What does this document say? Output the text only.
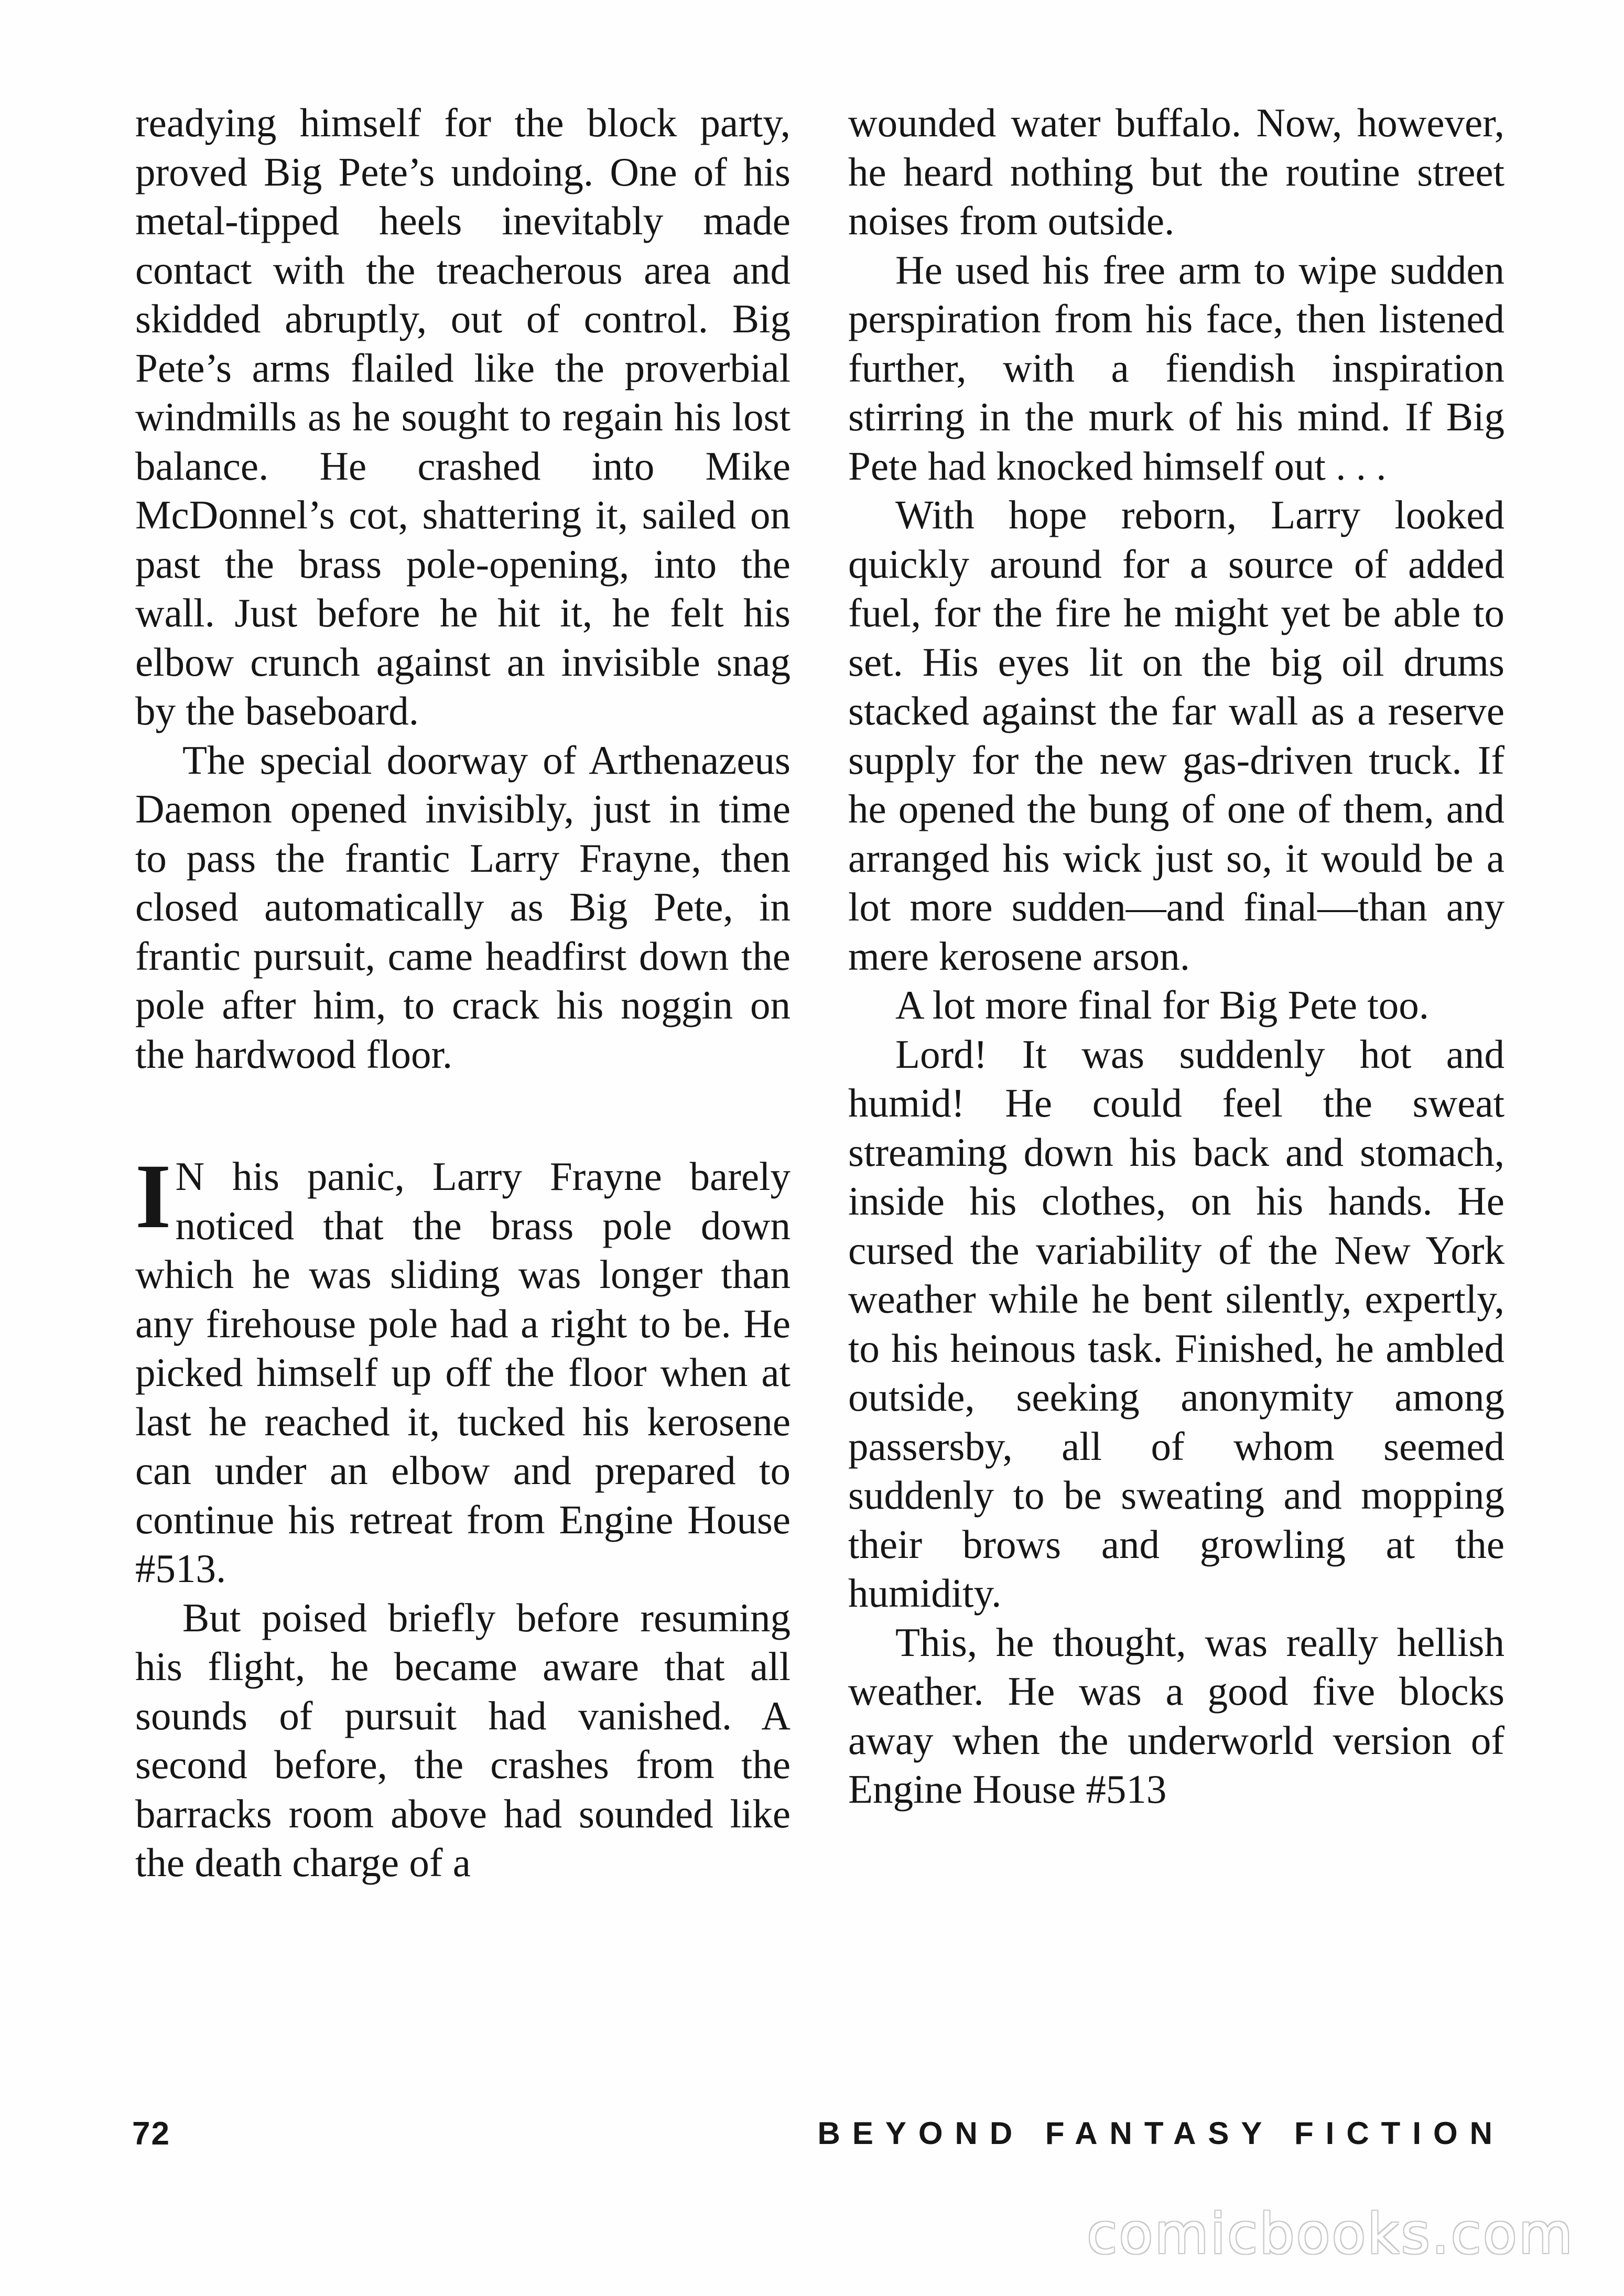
readying himself for the block party, proved Big Pete’s undoing. One of his metal-tipped heels inevitably made contact with the treacherous area and skidded abruptly, out of control. Big Pete’s arms flailed like the proverbial windmills as he sought to regain his lost balance. He crashed into Mike McDonnel’s cot, shattering it, sailed on past the brass pole-opening, into the wall. Just before he hit it, he felt his elbow crunch against an invisible snag by the baseboard.

The special doorway of Arthenazeus Daemon opened invisibly, just in time to pass the frantic Larry Frayne, then closed automatically as Big Pete, in frantic pursuit, came headfirst down the pole after him, to crack his noggin on the hardwood floor.

I N his panic, Larry Frayne barely noticed that the brass pole down which he was sliding was longer than any firehouse pole had a right to be. He picked himself up off the floor when at last he reached it, tucked his kerosene can under an elbow and prepared to continue his retreat from Engine House #513.

But poised briefly before resuming his flight, he became aware that all sounds of pursuit had vanished. A second before, the crashes from the barracks room above had sounded like the death charge of a

wounded water buffalo. Now, however, he heard nothing but the routine street noises from outside.

He used his free arm to wipe sudden perspiration from his face, then listened further, with a fiendish inspiration stirring in the murk of his mind. If Big Pete had knocked himself out . . .

With hope reborn, Larry looked quickly around for a source of added fuel, for the fire he might yet be able to set. His eyes lit on the big oil drums stacked against the far wall as a reserve supply for the new gas-driven truck. If he opened the bung of one of them, and arranged his wick just so, it would be a lot more sudden—and final—than any mere kerosene arson.

A lot more final for Big Pete too.

Lord! It was suddenly hot and humid! He could feel the sweat streaming down his back and stomach, inside his clothes, on his hands. He cursed the variability of the New York weather while he bent silently, expertly, to his heinous task. Finished, he ambled outside, seeking anonymity among passersby, all of whom seemed suddenly to be sweating and mopping their brows and growling at the humidity.

This, he thought, was really hellish weather. He was a good five blocks away when the underworld version of Engine House #513

72	BEYOND FANTASY FICTION
comicbooks.com
